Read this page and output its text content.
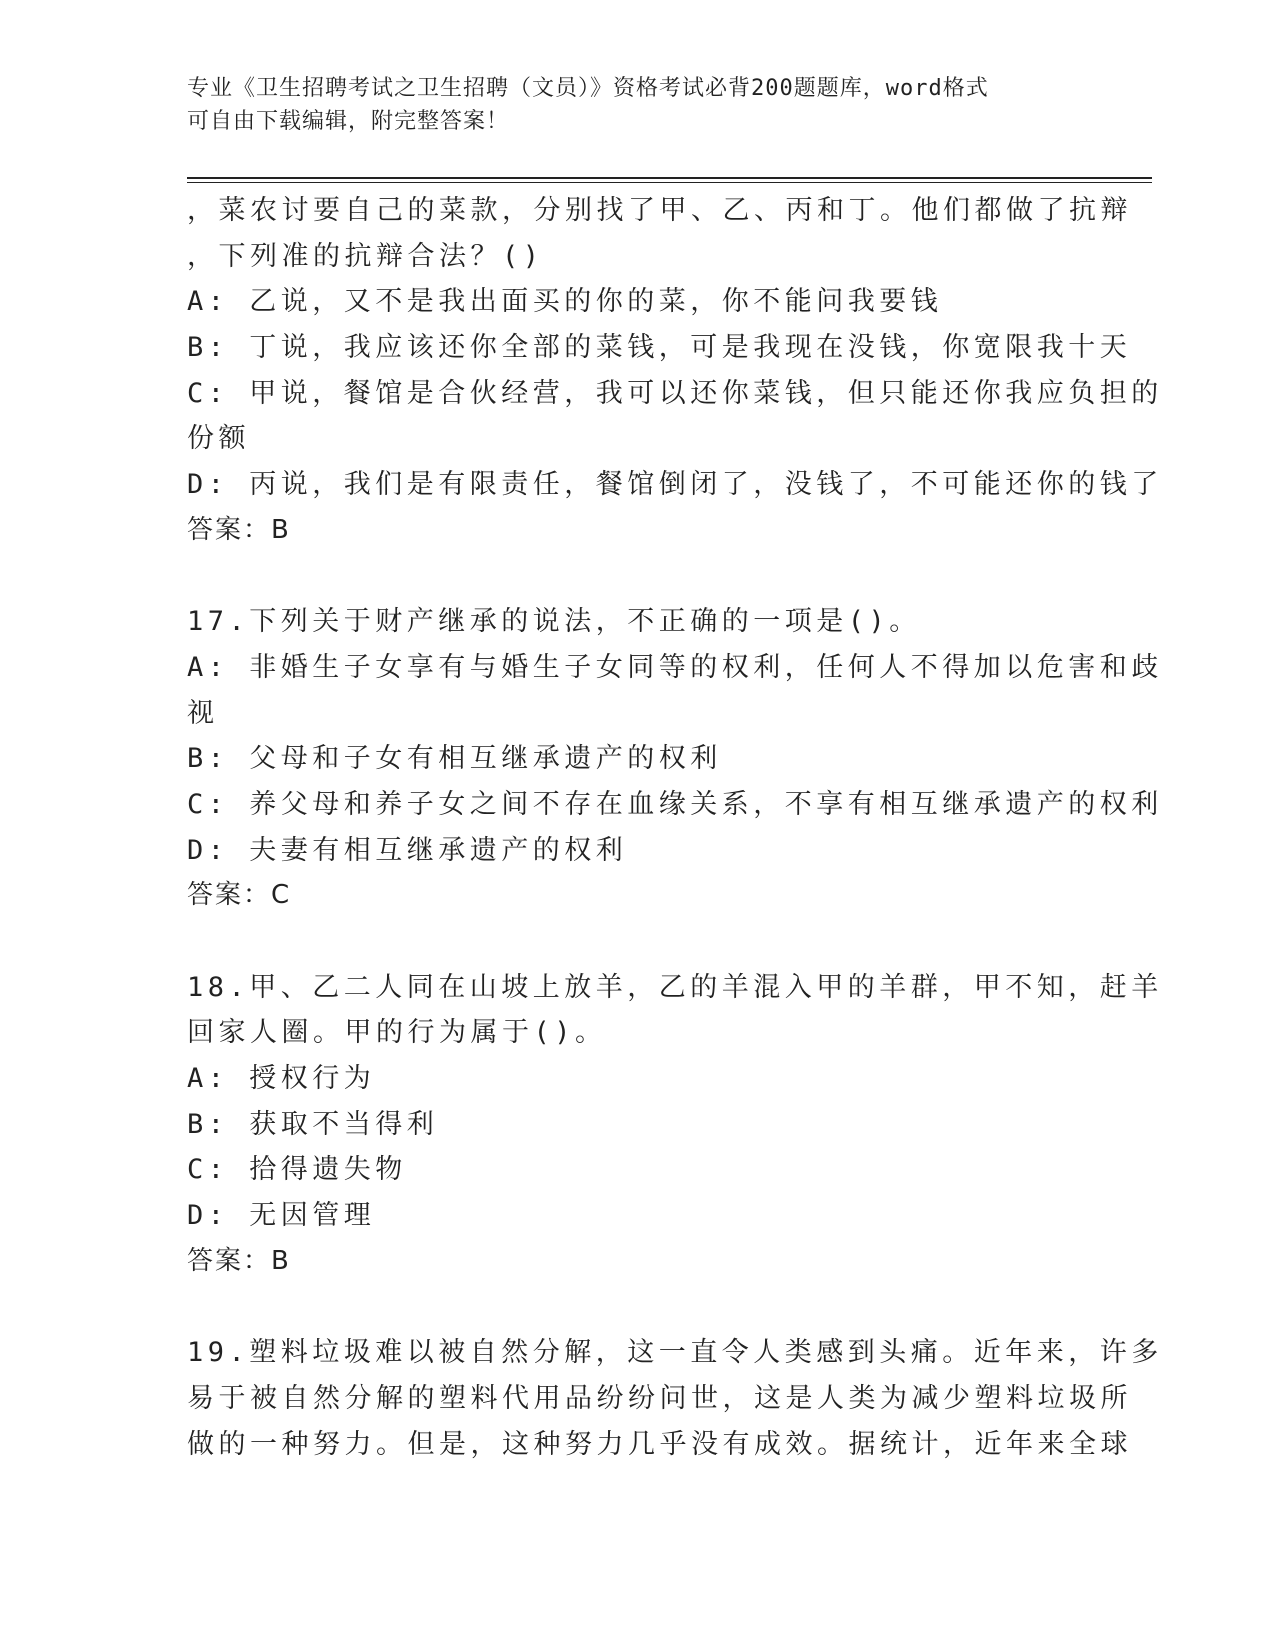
专业《卫生招聘考试之卫生招聘（文员）》资格考试必背200题题库，word格式
可自由下载编辑，附完整答案！
，菜农讨要自己的菜款，分别找了甲、乙、丙和丁。他们都做了抗辩
，下列准的抗辩合法？()
A: 乙说，又不是我出面买的你的菜，你不能问我要钱
B: 丁说，我应该还你全部的菜钱，可是我现在没钱，你宽限我十天
C: 甲说，餐馆是合伙经营，我可以还你菜钱，但只能还你我应负担的
份额
D: 丙说，我们是有限责任，餐馆倒闭了，没钱了，不可能还你的钱了
答案：B
17.下列关于财产继承的说法，不正确的一项是()。
A: 非婚生子女享有与婚生子女同等的权利，任何人不得加以危害和歧
视
B: 父母和子女有相互继承遗产的权利
C: 养父母和养子女之间不存在血缘关系，不享有相互继承遗产的权利
D: 夫妻有相互继承遗产的权利
答案：C
18.甲、乙二人同在山坡上放羊，乙的羊混入甲的羊群，甲不知，赶羊
回家人圈。甲的行为属于()。
A: 授权行为
B: 获取不当得利
C: 拾得遗失物
D: 无因管理
答案：B
19.塑料垃圾难以被自然分解，这一直令人类感到头痛。近年来，许多
易于被自然分解的塑料代用品纷纷问世，这是人类为减少塑料垃圾所
做的一种努力。但是，这种努力几乎没有成效。据统计，近年来全球
